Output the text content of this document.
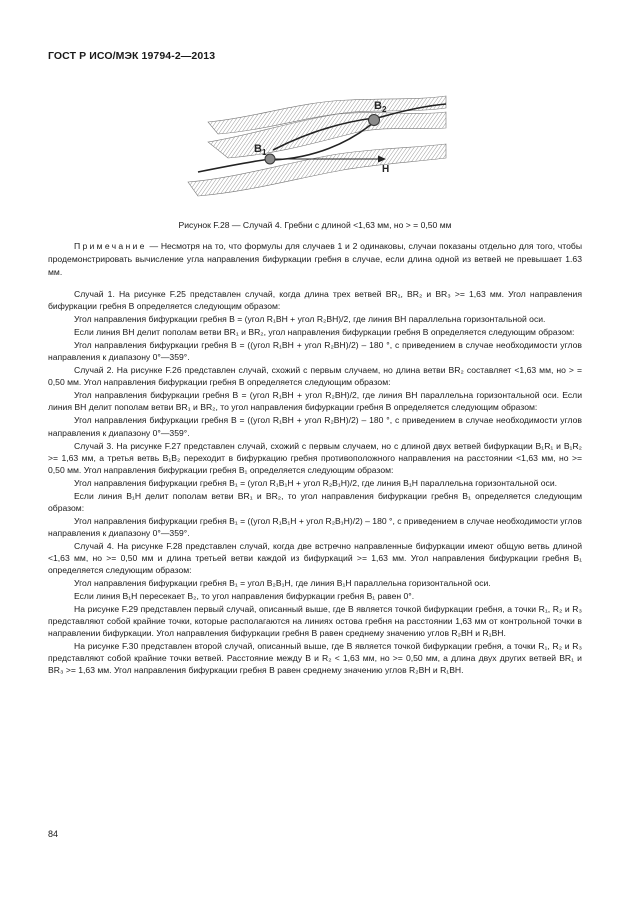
ГОСТ Р ИСО/МЭК 19794-2—2013
$B_1$
$B_2$
H
Рисунок F.28 — Случай 4. Гребни с длиной <1,63 мм, но > = 0,50 мм
Примечание — Несмотря на то, что формулы для случаев 1 и 2 одинаковы, случаи показаны отдельно для того, чтобы продемонстрировать вычисление угла направления бифуркации гребня в случае, если длина одной из ветвей не превышает 1.63 мм.

Случай 1. На рисунке F.25 представлен случай, когда длина трех ветвей BR₁, BR₂ и BR₃ >= 1,63 мм. Угол направления бифуркации гребня B определяется следующим образом:

Угол направления бифуркации гребня B = (угол R₁BH + угол R₂BH)/2, где линия BH параллельна горизонтальной оси.

Если линия BH делит пополам ветви BR₁ и BR₂, угол направления бифуркации гребня B определяется следующим образом:

Угол направления бифуркации гребня B = ((угол R₁BH + угол R₂BH)/2) – 180 °, с приведением в случае необходимости углов направления к диапазону 0°—359°.

Случай 2. На рисунке F.26 представлен случай, схожий с первым случаем, но длина ветви BR₂ составляет <1,63 мм, но > = 0,50 мм. Угол направления бифуркации гребня B определяется следующим образом:

Угол направления бифуркации гребня B = (угол R₁BH + угол R₂BH)/2, где линия BH параллельна горизонтальной оси. Если линия BH делит пополам ветви BR₁ и BR₂, то угол направления бифуркации гребня B определяется следующим образом:

Угол направления бифуркации гребня B = ((угол R₁BH + угол R₂BH)/2) – 180 °, с приведением в случае необходимости углов направления к диапазону 0°—359°.

Случай 3. На рисунке F.27 представлен случай, схожий с первым случаем, но с длиной двух ветвей бифуркации B₁R₁ и B₁R₂ >= 1,63 мм, а третья ветвь B₁B₂ переходит в бифуркацию гребня противоположного направления на расстоянии <1,63 мм, но >= 0,50 мм. Угол направления бифуркации гребня B₁ определяется следующим образом:

Угол направления бифуркации гребня B₁ = (угол R₁B₁H + угол R₂B₁H)/2, где линия B₁H параллельна горизонтальной оси.

Если линия B₁H делит пополам ветви BR₁ и BR₂, то угол направления бифуркации гребня B₁ определяется следующим образом:

Угол направления бифуркации гребня B₁ = ((угол R₁B₁H + угол R₂B₁H)/2) – 180 °, с приведением в случае необходимости углов направления к диапазону 0°—359°.

Случай 4. На рисунке F.28 представлен случай, когда две встречно направленные бифуркации имеют общую ветвь длиной <1,63 мм, но >= 0,50 мм и длина третьей ветви каждой из бифуркаций >= 1,63 мм. Угол направления бифуркации гребня B₁ определяется следующим образом:

Угол направления бифуркации гребня B₁ = угол B₂B₁H, где линия B₁H параллельна горизонтальной оси.

Если линия B₁H пересекает B₂, то угол направления бифуркации гребня B₁ равен 0°.

На рисунке F.29 представлен первый случай, описанный выше, где B является точкой бифуркации гребня, а точки R₁, R₂ и R₃ представляют собой крайние точки, которые располагаются на линиях остова гребня на расстоянии 1,63 мм от контрольной точки в направлении бифуркации. Угол направления бифуркации гребня B равен среднему значению углов R₂BH и R₁BH.

На рисунке F.30 представлен второй случай, описанный выше, где B является точкой бифуркации гребня, а точки R₁, R₂ и R₃ представляют собой крайние точки ветвей. Расстояние между B и R₂ < 1,63 мм, но >= 0,50 мм, а длина двух других ветвей BR₁ и BR₃ >= 1,63 мм. Угол направления бифуркации гребня B равен среднему значению углов R₂BH и R₁BH.

84
